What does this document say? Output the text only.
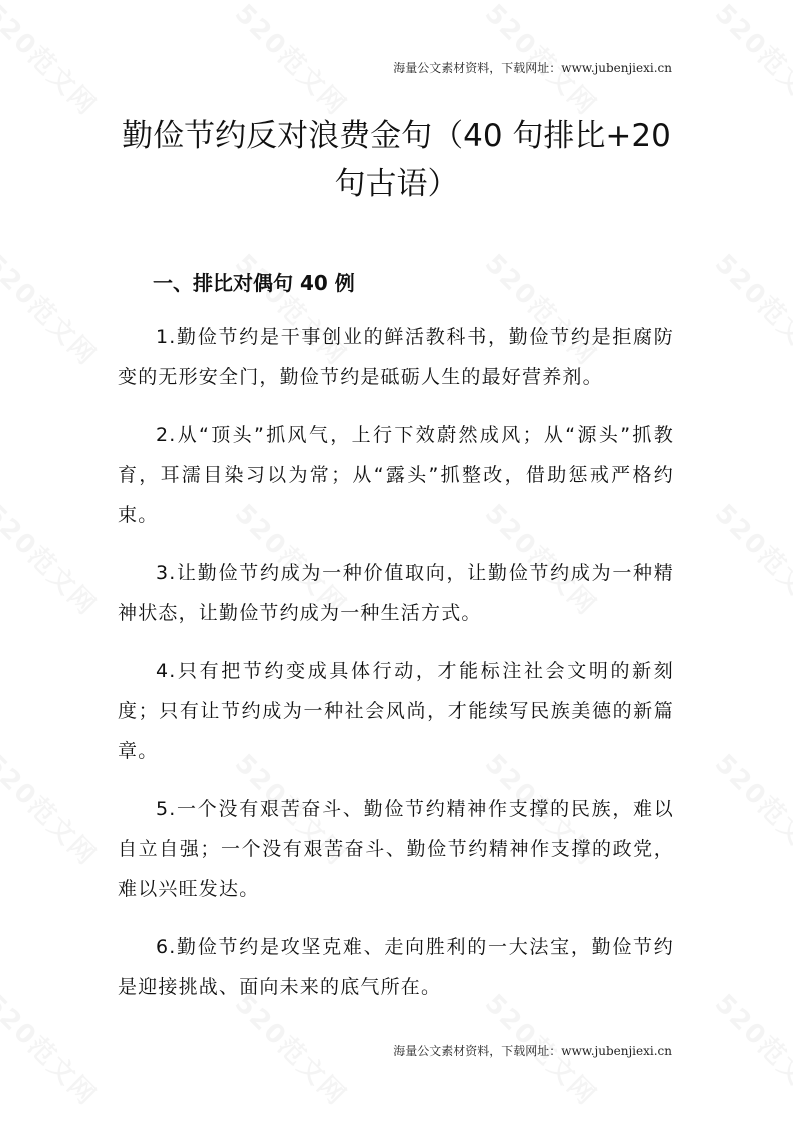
海量公文素材资料，下载网址：www.jubenjiexi.cn
勤俭节约反对浪费金句（40 句排比+20 句古语）
一、排比对偶句 40 例

1.勤俭节约是干事创业的鲜活教科书，勤俭节约是拒腐防变的无形安全门，勤俭节约是砥砺人生的最好营养剂。

2.从“顶头”抓风气，上行下效蔚然成风；从“源头”抓教育，耳濡目染习以为常；从“露头”抓整改，借助惩戒严格约束。

3.让勤俭节约成为一种价值取向，让勤俭节约成为一种精神状态，让勤俭节约成为一种生活方式。

4.只有把节约变成具体行动，才能标注社会文明的新刻度；只有让节约成为一种社会风尚，才能续写民族美德的新篇章。

5.一个没有艰苦奋斗、勤俭节约精神作支撑的民族，难以自立自强；一个没有艰苦奋斗、勤俭节约精神作支撑的政党，难以兴旺发达。

6.勤俭节约是攻坚克难、走向胜利的一大法宝，勤俭节约是迎接挑战、面向未来的底气所在。

海量公文素材资料，下载网址：www.jubenjiexi.cn
